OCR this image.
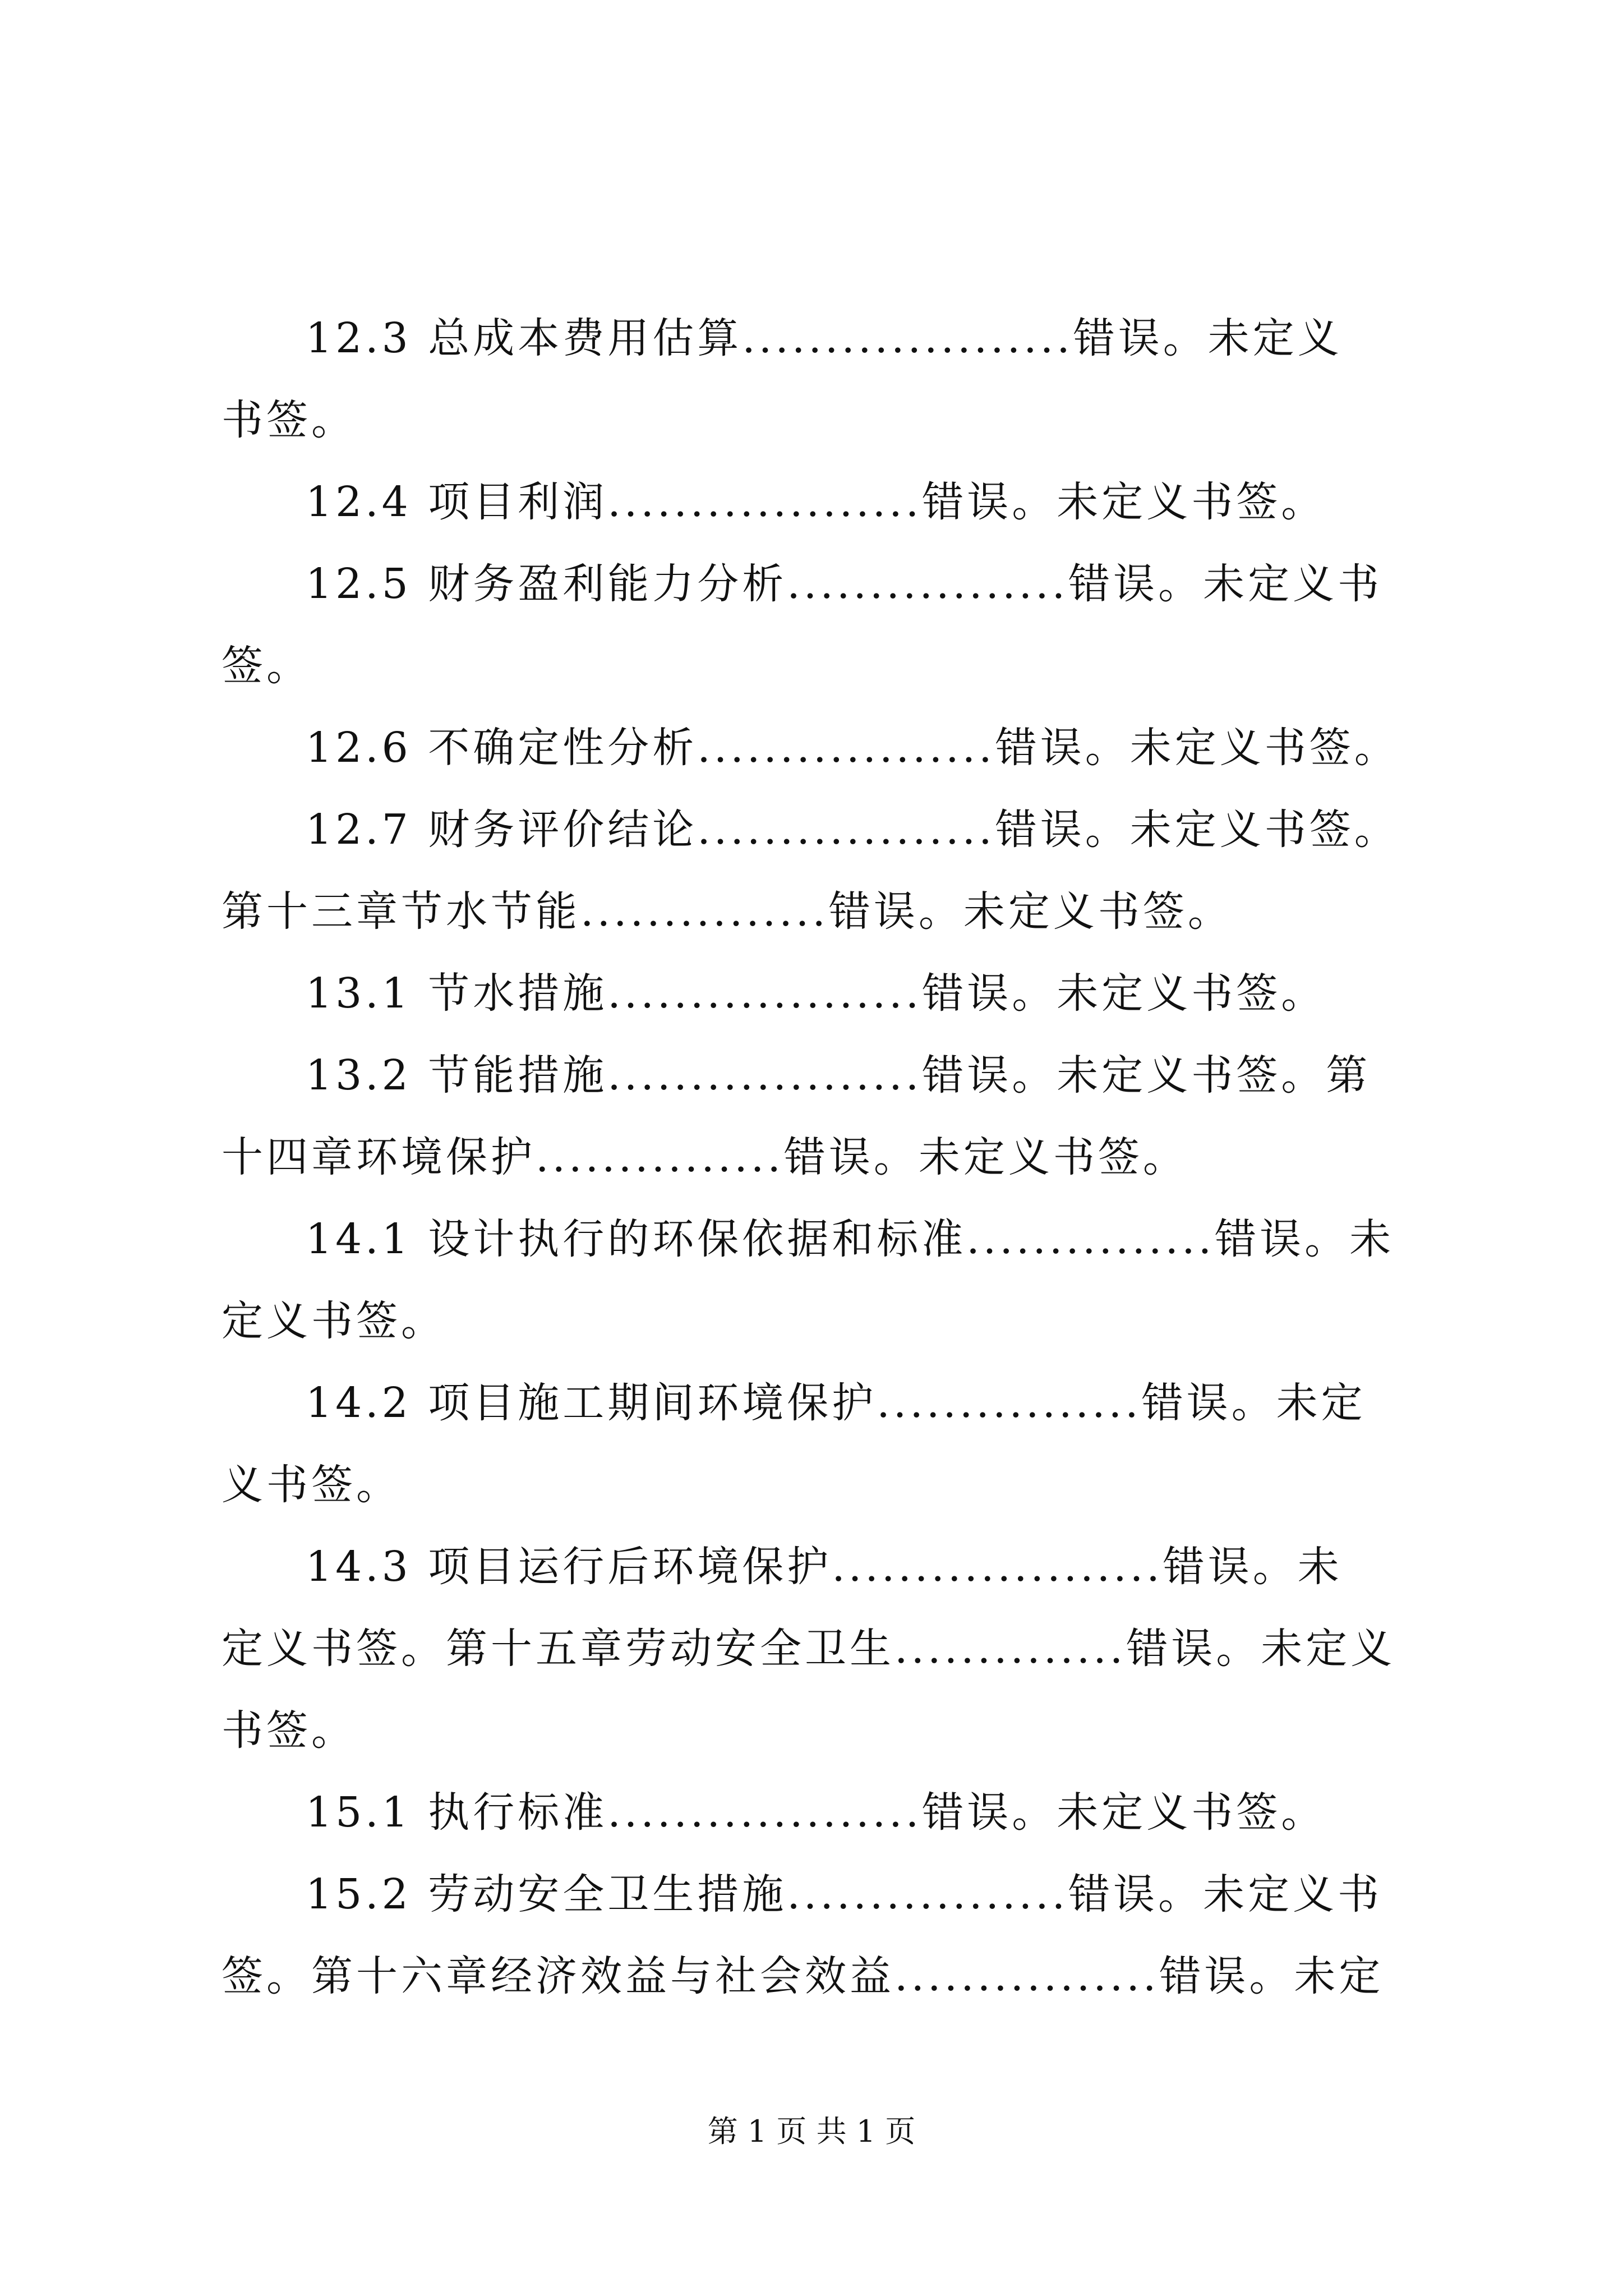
12.3 总成本费用估算....................错误。未定义
书签。
12.4 项目利润...................错误。未定义书签。
12.5 财务盈利能力分析.................错误。未定义书
签。
12.6 不确定性分析..................错误。未定义书签。
12.7 财务评价结论..................错误。未定义书签。
第十三章节水节能...............错误。未定义书签。
13.1 节水措施...................错误。未定义书签。
13.2 节能措施...................错误。未定义书签。第
十四章环境保护...............错误。未定义书签。
14.1 设计执行的环保依据和标准...............错误。未
定义书签。
14.2 项目施工期间环境保护................错误。未定
义书签。
14.3 项目运行后环境保护....................错误。未
定义书签。第十五章劳动安全卫生..............错误。未定义
书签。
15.1 执行标准...................错误。未定义书签。
15.2 劳动安全卫生措施.................错误。未定义书
签。第十六章经济效益与社会效益................错误。未定
第 1 页 共 1 页
